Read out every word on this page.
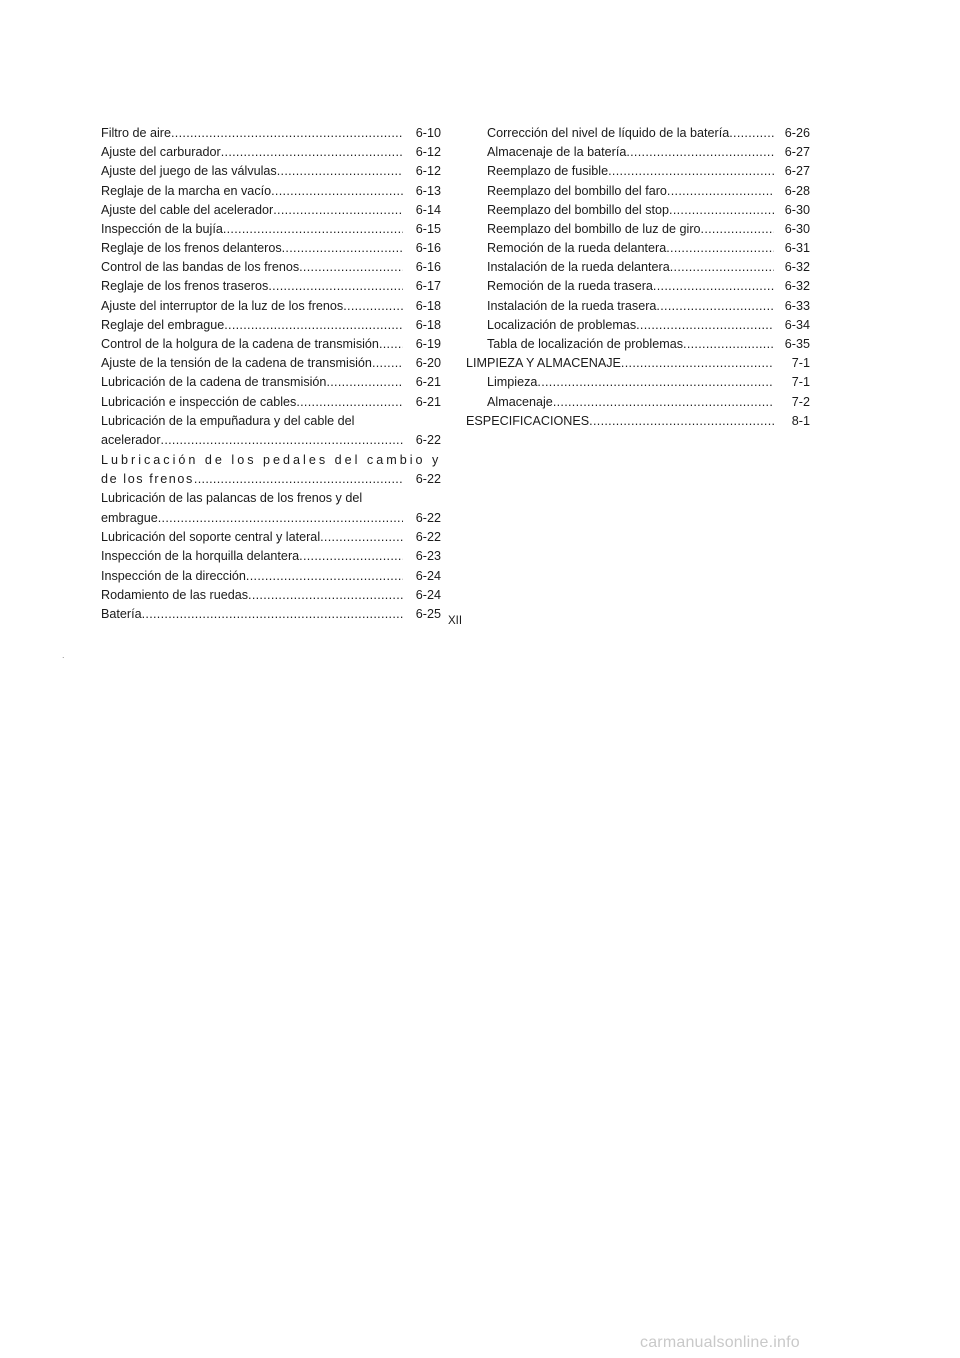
Filtro de aire .....	6-10
Ajuste del carburador .....	6-12
Ajuste del juego de las válvulas .....	6-12
Reglaje de la marcha en vacío .....	6-13
Ajuste del cable del acelerador .....	6-14
Inspección de la bujía .....	6-15
Reglaje de los frenos delanteros .....	6-16
Control de las bandas de los frenos .....	6-16
Reglaje de los frenos traseros .....	6-17
Ajuste del interruptor de la luz de los frenos .....	6-18
Reglaje del embrague .....	6-18
Control de la holgura de la cadena de transmisión .....	6-19
Ajuste de la tensión de la cadena de transmisión .....	6-20
Lubricación de la cadena de transmisión .....	6-21
Lubricación e inspección de cables .....	6-21
Lubricación de la empuñadura y del cable del
acelerador .....	6-22
Lubricación de los pedales del cambio y
de los frenos .....	6-22
Lubricación de las palancas de los frenos y del
embrague .....	6-22
Lubricación del soporte central y lateral .....	6-22
Inspección de la horquilla delantera .....	6-23
Inspección de la dirección .....	6-24
Rodamiento de las ruedas .....	6-24
Batería .....	6-25
Corrección del nivel de líquido de la batería .....	6-26
Almacenaje de la batería .....	6-27
Reemplazo de fusible .....	6-27
Reemplazo del bombillo del faro .....	6-28
Reemplazo del bombillo del stop .....	6-30
Reemplazo del bombillo de luz de giro .....	6-30
Remoción de la rueda delantera .....	6-31
Instalación de la rueda delantera .....	6-32
Remoción de la rueda trasera .....	6-32
Instalación de la rueda trasera .....	6-33
Localización de problemas .....	6-34
Tabla de localización de problemas .....	6-35
LIMPIEZA Y ALMACENAJE .....	7-1
Limpieza .....	7-1
Almacenaje .....	7-2
ESPECIFICACIONES .....	8-1
XII
.
carmanualsonline.info
